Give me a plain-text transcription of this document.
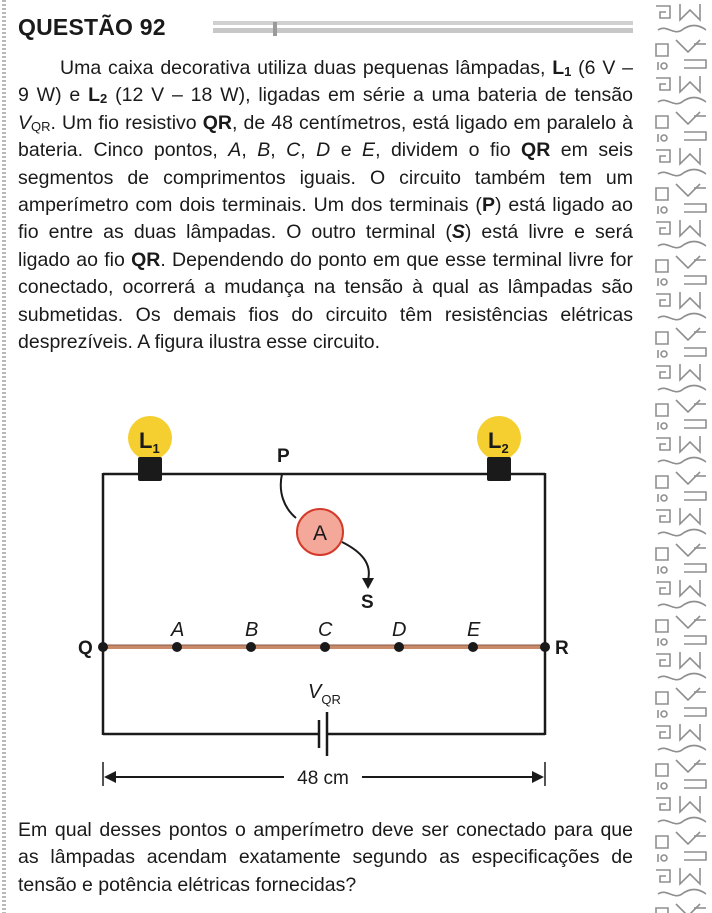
QUESTÃO 92

Uma caixa decorativa utiliza duas pequenas lâmpadas, $L_1$ (6 V – 9 W) e $L_2$ (12 V – 18 W), ligadas em série a uma bateria de tensão $V_{QR}$. Um fio resistivo QR, de 48 centímetros, está ligado em paralelo à bateria. Cinco pontos, A, B, C, D e E, dividem o fio QR em seis segmentos de comprimentos iguais. O circuito também tem um amperímetro com dois terminais. Um dos terminais (P) está ligado ao fio entre as duas lâmpadas. O outro terminal (S) está livre e será ligado ao fio QR. Dependendo do ponto em que esse terminal livre for conectado, ocorrerá a mudança na tensão à qual as lâmpadas são submetidas. Os demais fios do circuito têm resistências elétricas desprezíveis. A figura ilustra esse circuito.

$L_1$	$L_2$
P
A
S
Q	R
A	B	C	D	E
$V_{QR}$
48 cm

Em qual desses pontos o amperímetro deve ser conectado para que as lâmpadas acendam exatamente segundo as especificações de tensão e potência elétricas fornecidas?
